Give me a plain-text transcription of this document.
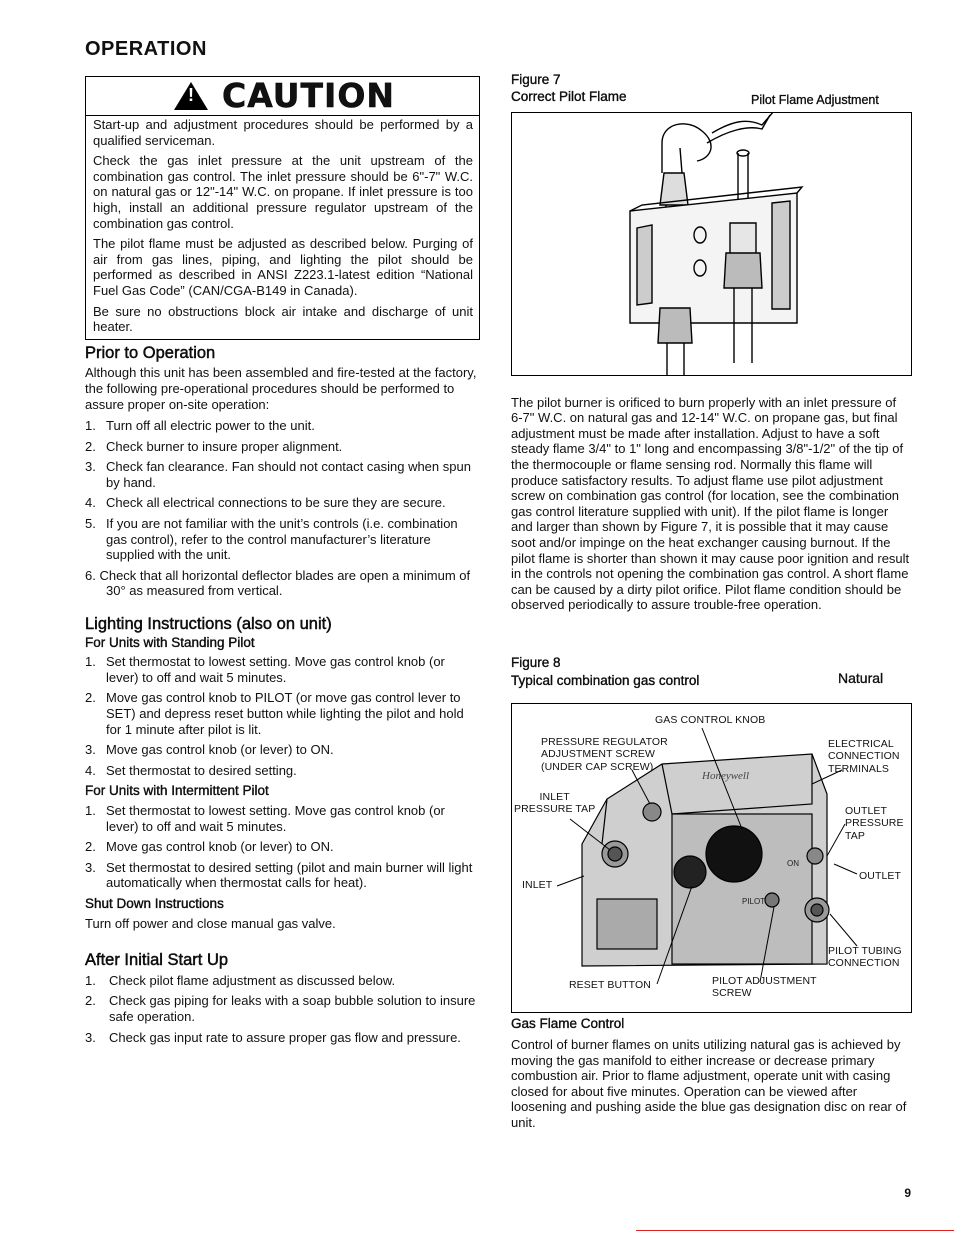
OPERATION
! CAUTION

Start-up and adjustment procedures should be performed by a qualified serviceman.

Check the gas inlet pressure at the unit upstream of the combination gas control. The inlet pressure should be 6"-7" W.C. on natural gas or 12"-14" W.C. on propane. If inlet pressure is too high, install an additional pressure regulator upstream of the combination gas control.

The pilot flame must be adjusted as described below. Purging of air from gas lines, piping, and lighting the pilot should be performed as described in ANSI Z223.1-latest edition “National Fuel Gas Code” (CAN/CGA-B149 in Canada).

Be sure no obstructions block air intake and discharge of unit heater.

Prior to Operation

Although this unit has been assembled and fire-tested at the factory, the following pre-operational procedures should be performed to assure proper on-site operation:

1. Turn off all electric power to the unit.
2. Check burner to insure proper alignment.
3. Check fan clearance. Fan should not contact casing when spun by hand.
4. Check all electrical connections to be sure they are secure.
5. If you are not familiar with the unit’s controls (i.e. combination gas control), refer to the control manufacturer’s literature supplied with the unit.

6. Check that all horizontal deflector blades are open a minimum of 30° as measured from vertical.

Lighting Instructions (also on unit)
For Units with Standing Pilot
1. Set thermostat to lowest setting. Move gas control knob (or lever) to off and wait 5 minutes.
2. Move gas control knob to PILOT (or move gas control lever to SET) and depress reset button while lighting the pilot and hold for 1 minute after pilot is lit.
3. Move gas control knob (or lever) to ON.
4. Set thermostat to desired setting.
For Units with Intermittent Pilot
1. Set thermostat to lowest setting. Move gas control knob (or lever) to off and wait 5 minutes.
2. Move gas control knob (or lever) to ON.
3. Set thermostat to desired setting (pilot and main burner will light automatically when thermostat calls for heat).
Shut Down Instructions

Turn off power and close manual gas valve.

After Initial Start Up
1. Check pilot flame adjustment as discussed below.
2. Check gas piping for leaks with a soap bubble solution to insure safe operation.
3. Check gas input rate to assure proper gas flow and pressure.
Figure 7
Correct Pilot Flame	Pilot Flame Adjustment

The pilot burner is orificed to burn properly with an inlet pressure of 6-7" W.C. on natural gas and 12-14" W.C. on propane gas, but final adjustment must be made after installation. Adjust to have a soft steady flame 3/4" to 1" long and encompassing 3/8"-1/2" of the tip of the thermocouple or flame sensing rod. Normally this flame will produce satisfactory results. To adjust flame use pilot adjustment screw on combination gas control (for location, see the combination gas control literature supplied with unit). If the pilot flame is longer and larger than shown by Figure 7, it is possible that it may cause soot and/or impinge on the heat exchanger causing burnout. If the pilot flame is shorter than shown it may cause poor ignition and result in the controls not opening the combination gas control. A short flame can be caused by a dirty pilot orifice. Pilot flame condition should be observed periodically to assure trouble-free operation.

Figure 8
Typical combination gas control	Natural
Honeywell
ON
PILOT
GAS CONTROL KNOB
PRESSURE REGULATOR
ADJUSTMENT SCREW
(UNDER CAP SCREW)
ELECTRICAL
CONNECTION
TERMINALS
INLET
PRESSURE TAP	OUTLET
PRESSURE
TAP
INLET
OUTLET
PILOT TUBING
CONNECTION
RESET BUTTON	PILOT ADJUSTMENT
SCREW
Gas Flame Control

Control of burner flames on units utilizing natural gas is achieved by moving the gas manifold to either increase or decrease primary combustion air. Prior to flame adjustment, operate unit with casing closed for about five minutes. Operation can be viewed after loosening and pushing aside the blue gas designation disc on rear of unit.

9
